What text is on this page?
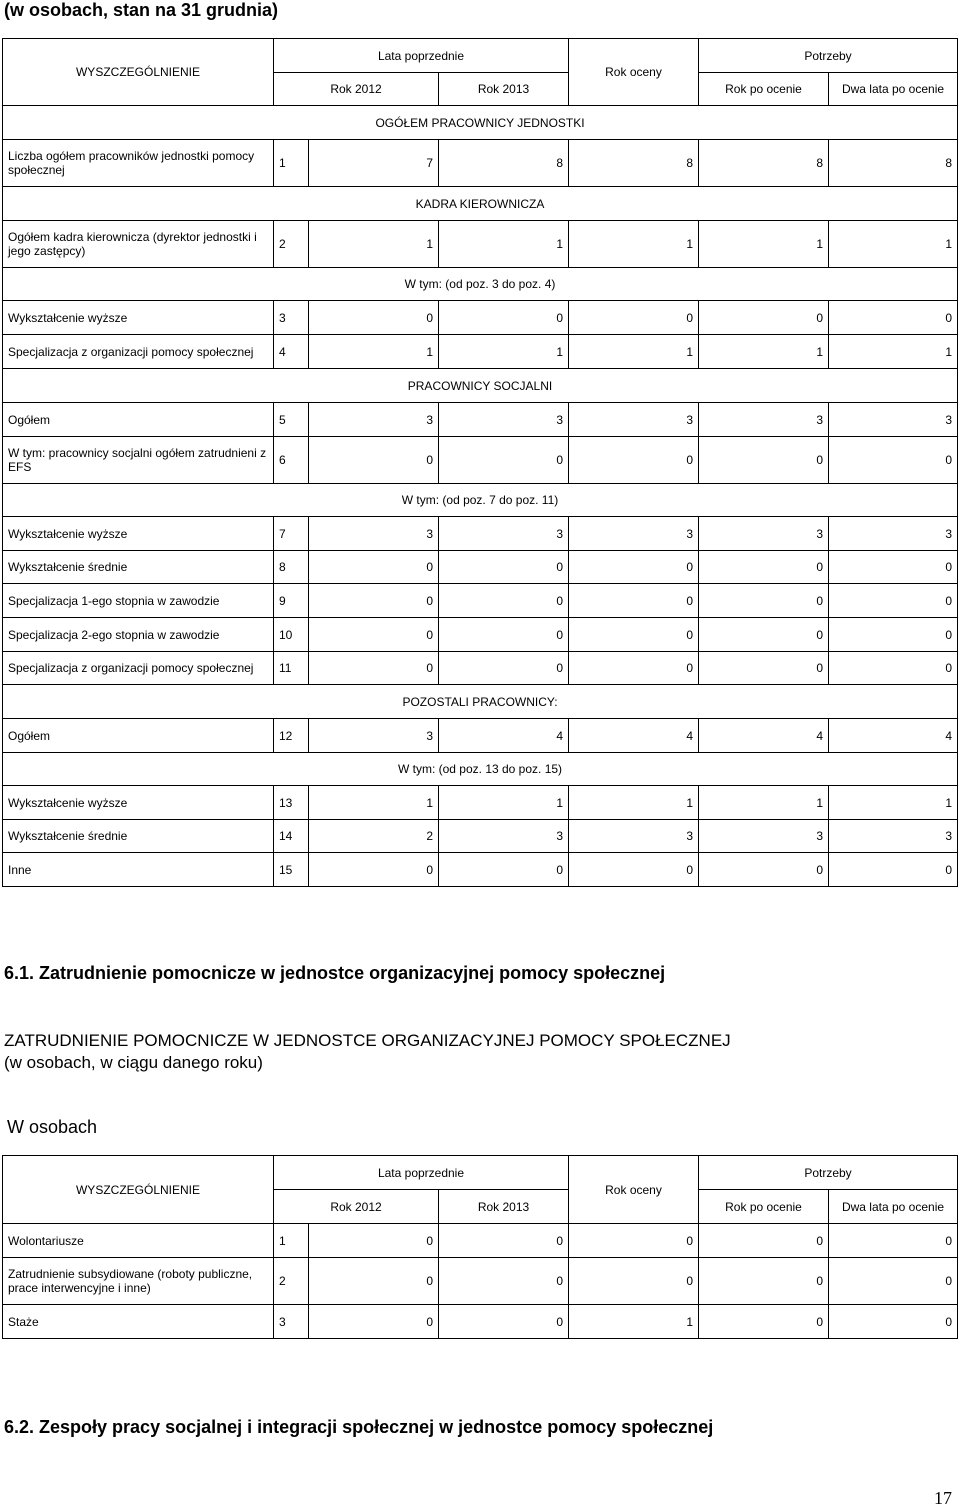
(w osobach, stan na 31 grudnia)
WYSZCZEGÓLNIENIE	Lata poprzednie			Rok oceny	Potrzeby	
	Rok 2012		Rok 2013		Rok po ocenie	Dwa lata po ocenie
OGÓŁEM PRACOWNICY JEDNOSTKI						
Liczba ogółem pracowników jednostki pomocy społecznej	1	7	8	8	8	8
KADRA KIEROWNICZA						
Ogółem kadra kierownicza (dyrektor jednostki i jego zastępcy)	2	1	1	1	1	1
W tym: (od poz. 3 do poz. 4)						
Wykształcenie wyższe	3	0	0	0	0	0
Specjalizacja z organizacji pomocy społecznej	4	1	1	1	1	1
PRACOWNICY SOCJALNI						
Ogółem	5	3	3	3	3	3
W tym: pracownicy socjalni ogółem zatrudnieni z EFS	6	0	0	0	0	0
W tym: (od poz. 7 do poz. 11)						
Wykształcenie wyższe	7	3	3	3	3	3
Wykształcenie średnie	8	0	0	0	0	0
Specjalizacja 1-ego stopnia w zawodzie	9	0	0	0	0	0
Specjalizacja 2-ego stopnia w zawodzie	10	0	0	0	0	0
Specjalizacja z organizacji pomocy społecznej	11	0	0	0	0	0
POZOSTALI PRACOWNICY:						
Ogółem	12	3	4	4	4	4
W tym: (od poz. 13 do poz. 15)						
Wykształcenie wyższe	13	1	1	1	1	1
Wykształcenie średnie	14	2	3	3	3	3
Inne	15	0	0	0	0	0
6.1. Zatrudnienie pomocnicze w jednostce organizacyjnej pomocy społecznej
ZATRUDNIENIE POMOCNICZE W JEDNOSTCE ORGANIZACYJNEJ POMOCY SPOŁECZNEJ
(w osobach, w ciągu danego roku)
W osobach
WYSZCZEGÓLNIENIE	Lata poprzednie			Rok oceny	Potrzeby	
	Rok 2012		Rok 2013		Rok po ocenie	Dwa lata po ocenie
Wolontariusze	1	0	0	0	0	0
Zatrudnienie subsydiowane (roboty publiczne, prace interwencyjne i inne)	2	0	0	0	0	0
Staże	3	0	0	1	0	0
6.2. Zespoły pracy socjalnej i integracji społecznej w jednostce pomocy społecznej
17
